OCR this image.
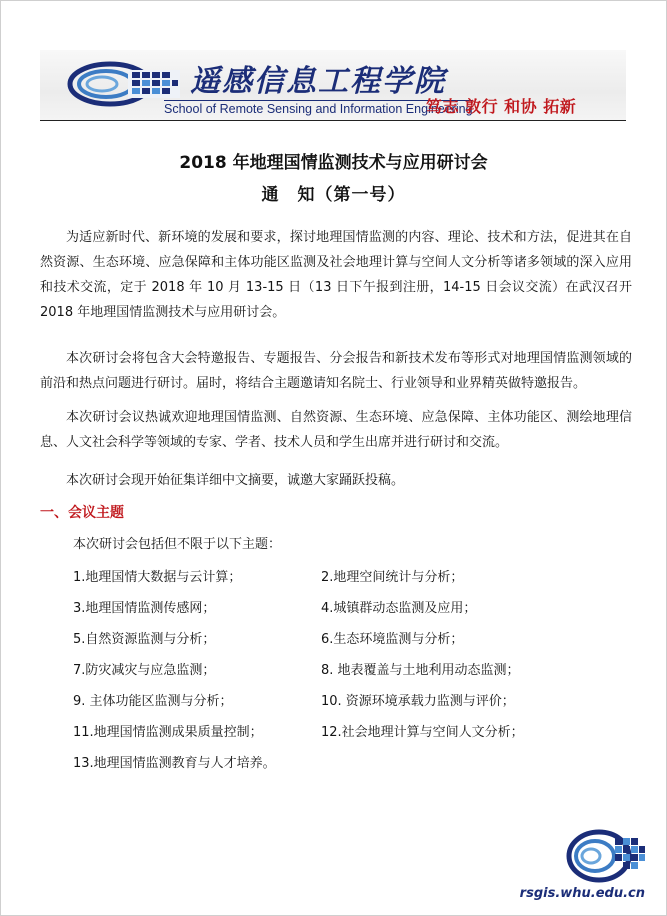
遥感信息工程学院
School of Remote Sensing and Information Engineering
笃志 敦行 和协 拓新
2018 年地理国情监测技术与应用研讨会
通　知（第一号）

为适应新时代、新环境的发展和要求，探讨地理国情监测的内容、理论、技术和方法，促进其在自然资源、生态环境、应急保障和主体功能区监测及社会地理计算与空间人文分析等诸多领域的深入应用和技术交流，定于 2018 年 10 月 13-15 日（13 日下午报到注册，14-15 日会议交流）在武汉召开 2018 年地理国情监测技术与应用研讨会。

本次研讨会将包含大会特邀报告、专题报告、分会报告和新技术发布等形式对地理国情监测领域的前沿和热点问题进行研讨。届时，将结合主题邀请知名院士、行业领导和业界精英做特邀报告。

本次研讨会议热诚欢迎地理国情监测、自然资源、生态环境、应急保障、主体功能区、测绘地理信息、人文社会科学等领域的专家、学者、技术人员和学生出席并进行研讨和交流。

本次研讨会现开始征集详细中文摘要，诚邀大家踊跃投稿。

一、会议主题
本次研讨会包括但不限于以下主题：
1.地理国情大数据与云计算；	2.地理空间统计与分析；
3.地理国情监测传感网；	4.城镇群动态监测及应用；
5.自然资源监测与分析；	6.生态环境监测与分析；
7.防灾减灾与应急监测；	8. 地表覆盖与土地利用动态监测；
9. 主体功能区监测与分析；	10. 资源环境承载力监测与评价；
11.地理国情监测成果质量控制；	12.社会地理计算与空间人文分析；
13.地理国情监测教育与人才培养。
rsgis.whu.edu.cn
